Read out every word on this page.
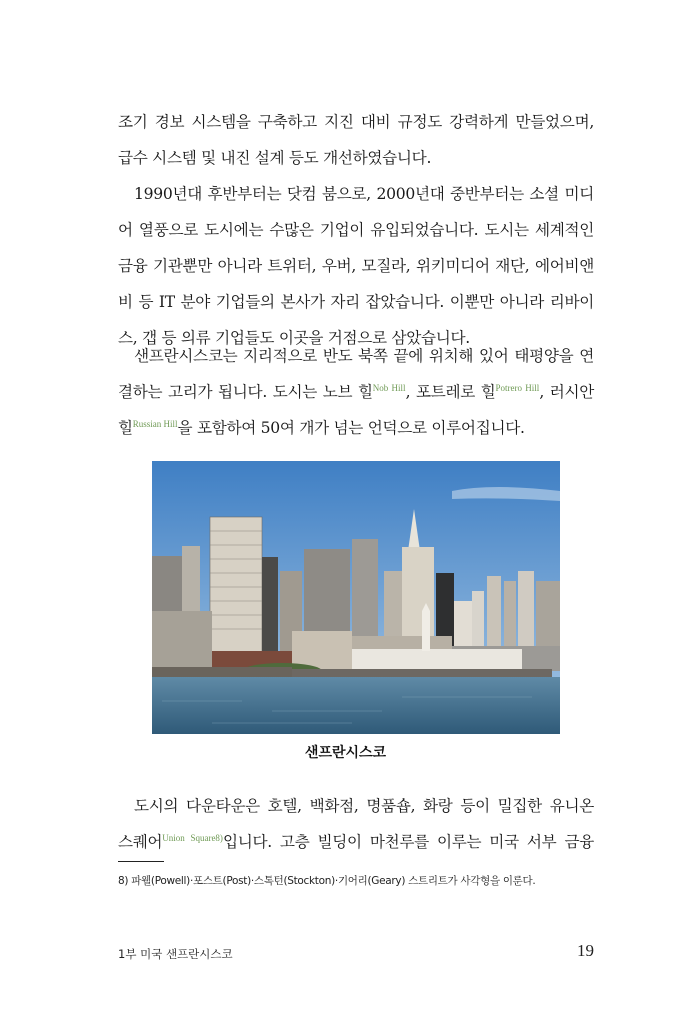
조기 경보 시스템을 구축하고 지진 대비 규정도 강력하게 만들었으며,
급수 시스템 및 내진 설계 등도 개선하였습니다.

1990년대 후반부터는 닷컴 붐으로, 2000년대 중반부터는 소셜 미디
어 열풍으로 도시에는 수많은 기업이 유입되었습니다. 도시는 세계적인
금융 기관뿐만 아니라 트위터, 우버, 모질라, 위키미디어 재단, 에어비앤
비 등 IT 분야 기업들의 본사가 자리 잡았습니다. 이뿐만 아니라 리바이
스, 갭 등 의류 기업들도 이곳을 거점으로 삼았습니다.

샌프란시스코는 지리적으로 반도 북쪽 끝에 위치해 있어 태평양을 연
결하는 고리가 됩니다. 도시는 노브 힐$^{Nob Hill}$, 포트레로 힐$^{Potrero Hill}$, 러시안
힐$^{Russian Hill}$을 포함하여 50여 개가 넘는 언덕으로 이루어집니다.

샌프란시스코

도시의 다운타운은 호텔, 백화점, 명품숍, 화랑 등이 밀집한 유니온
스퀘어$^{Union Square8)}$입니다. 고층 빌딩이 마천루를 이루는 미국 서부 금융

8) 파웰(Powell)·포스트(Post)·스톡턴(Stockton)·기어리(Geary) 스트리트가 사각형을 이룬다.
1부 미국 샌프란시스코	19
